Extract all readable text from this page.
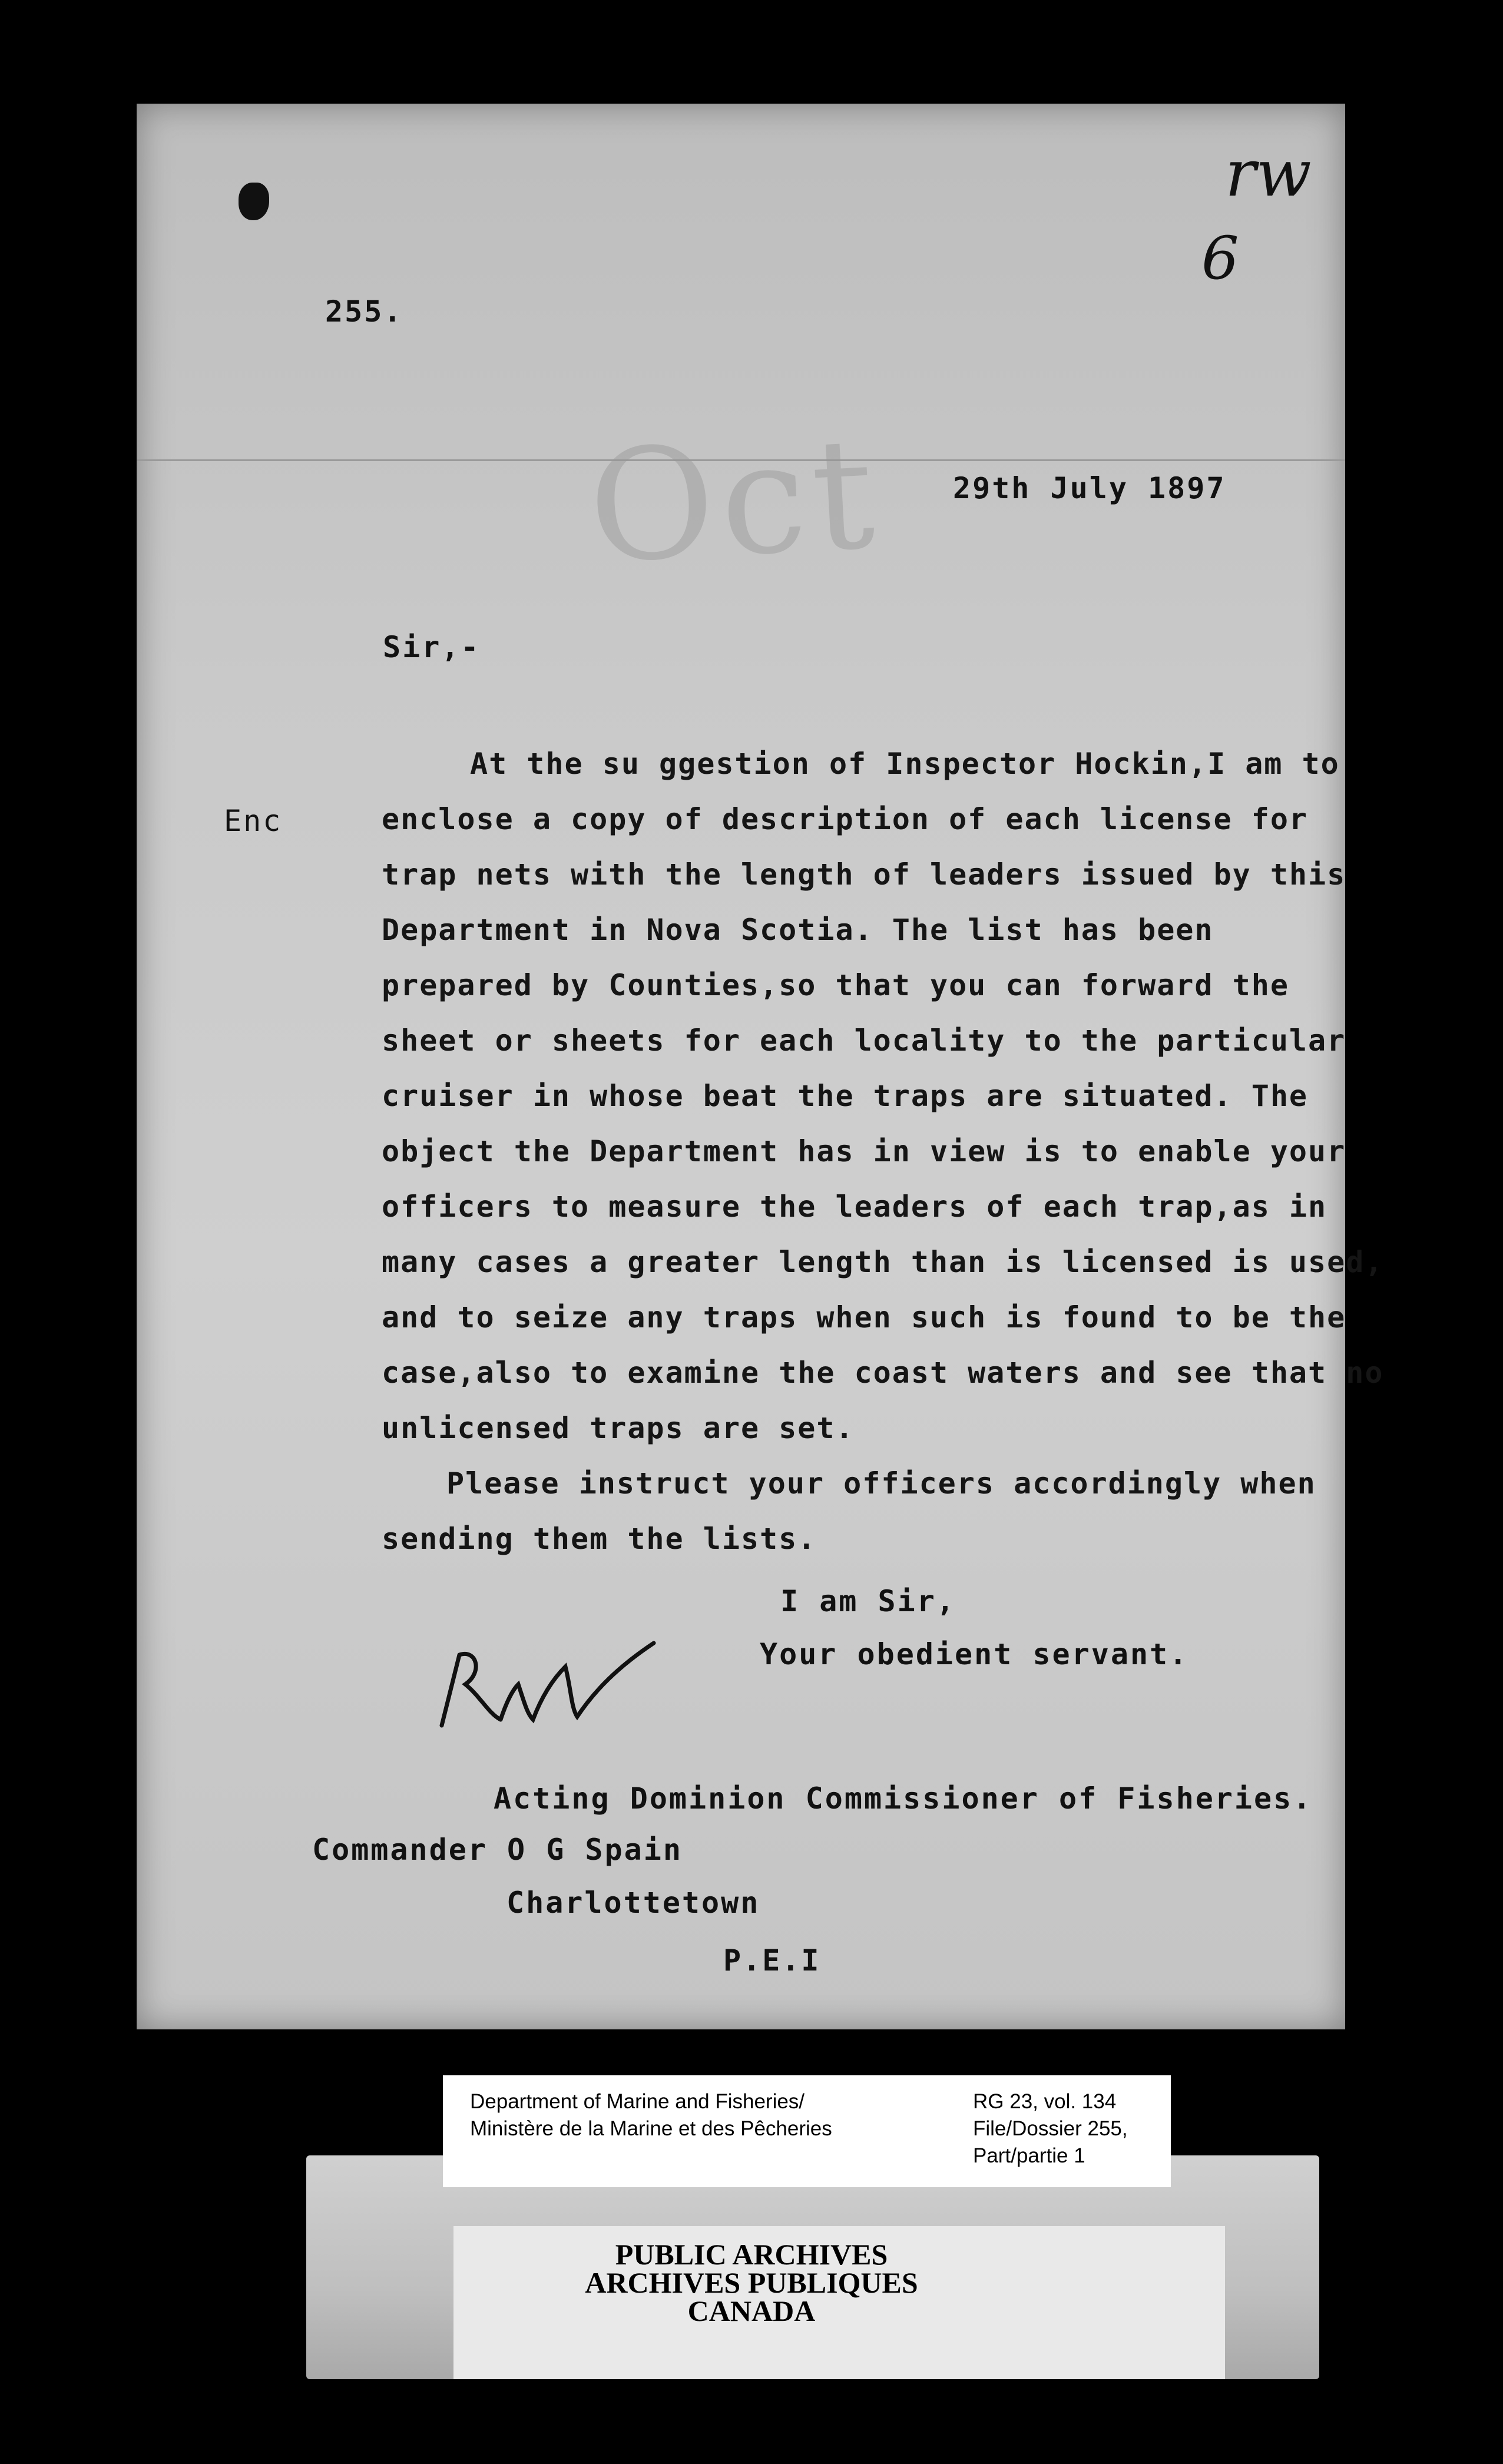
Oct
rw
6
255.
29th July 1897
Sir,-
Enc
At the su ggestion of Inspector Hockin,I am to
enclose a copy of description of each license for
trap nets with the length of leaders issued by this
Department in Nova Scotia. The list has been
prepared by Counties,so that you can forward the
sheet or sheets for each locality to the particular
cruiser in whose beat the traps are situated. The
object the Department has in view is to enable your
officers to measure the leaders of each trap,as in
many cases a greater length than is licensed is used,
and to seize any traps when such is found to be the
case,also to examine the coast waters and see that no
unlicensed traps are set.
Please instruct your officers accordingly when
sending them the lists.
I am Sir,
Your obedient servant.
Acting Dominion Commissioner of Fisheries.
Commander O G Spain
Charlottetown
P.E.I
Department of Marine and Fisheries/
Ministère de la Marine et des Pêcheries
RG 23, vol. 134
File/Dossier 255,
Part/partie 1
PUBLIC ARCHIVES
ARCHIVES PUBLIQUES
CANADA
